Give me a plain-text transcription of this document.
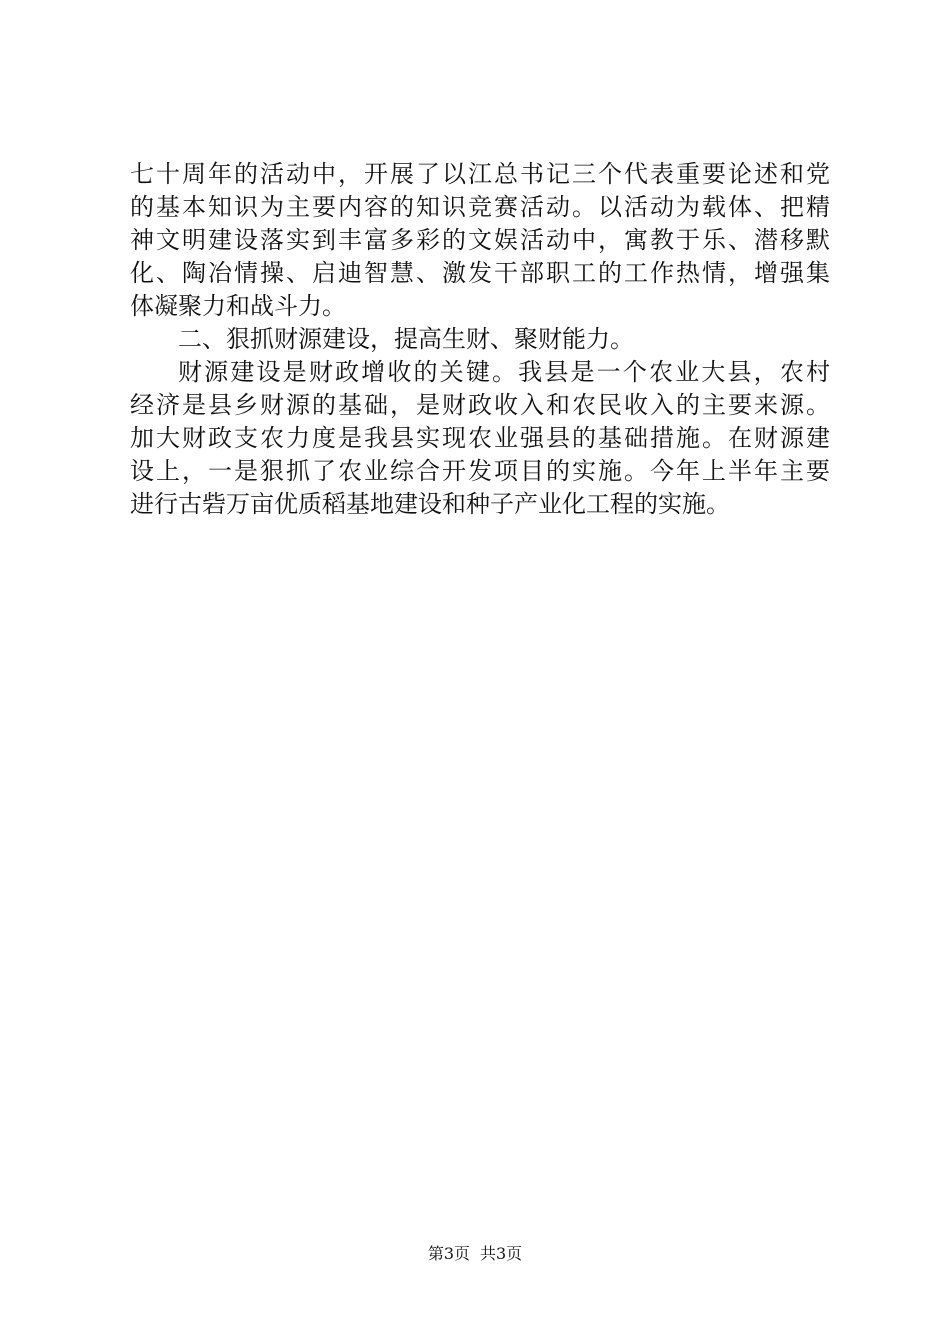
七十周年的活动中，开展了以江总书记三个代表重要论述和党
的基本知识为主要内容的知识竞赛活动。以活动为载体、把精
神文明建设落实到丰富多彩的文娱活动中，寓教于乐、潜移默
化、陶冶情操、启迪智慧、激发干部职工的工作热情，增强集
体凝聚力和战斗力。
二、狠抓财源建设，提高生财、聚财能力。
财源建设是财政增收的关键。我县是一个农业大县，农村
经济是县乡财源的基础，是财政收入和农民收入的主要来源。
加大财政支农力度是我县实现农业强县的基础措施。在财源建
设上，一是狠抓了农业综合开发项目的实施。今年上半年主要
进行古砦万亩优质稻基地建设和种子产业化工程的实施。
第3页 共3页
